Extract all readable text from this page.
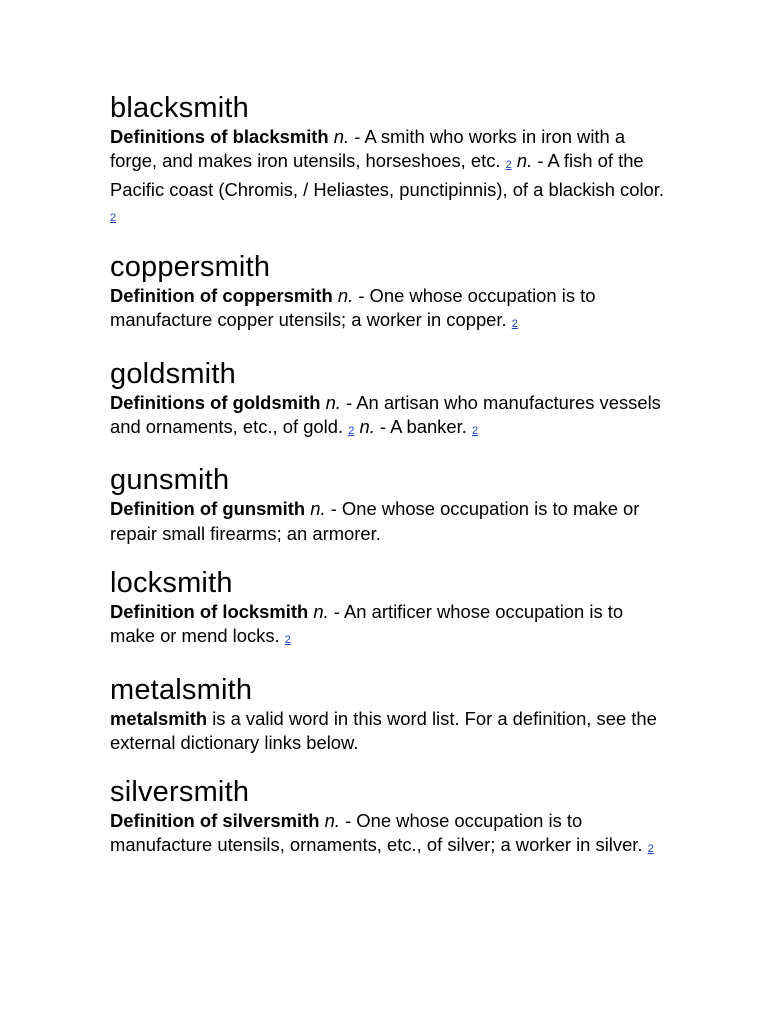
blacksmith

Definitions of blacksmith n. - A smith who works in iron with a forge, and makes iron utensils, horseshoes, etc. 2 n. - A fish of the Pacific coast (Chromis, / Heliastes, punctipinnis), of a blackish color. 2

coppersmith

Definition of coppersmith n. - One whose occupation is to manufacture copper utensils; a worker in copper. 2

goldsmith

Definitions of goldsmith n. - An artisan who manufactures vessels and ornaments, etc., of gold. 2 n. - A banker. 2

gunsmith

Definition of gunsmith n. - One whose occupation is to make or repair small firearms; an armorer.

locksmith

Definition of locksmith n. - An artificer whose occupation is to make or mend locks. 2

metalsmith

metalsmith is a valid word in this word list. For a definition, see the external dictionary links below.

silversmith

Definition of silversmith n. - One whose occupation is to manufacture utensils, ornaments, etc., of silver; a worker in silver. 2
